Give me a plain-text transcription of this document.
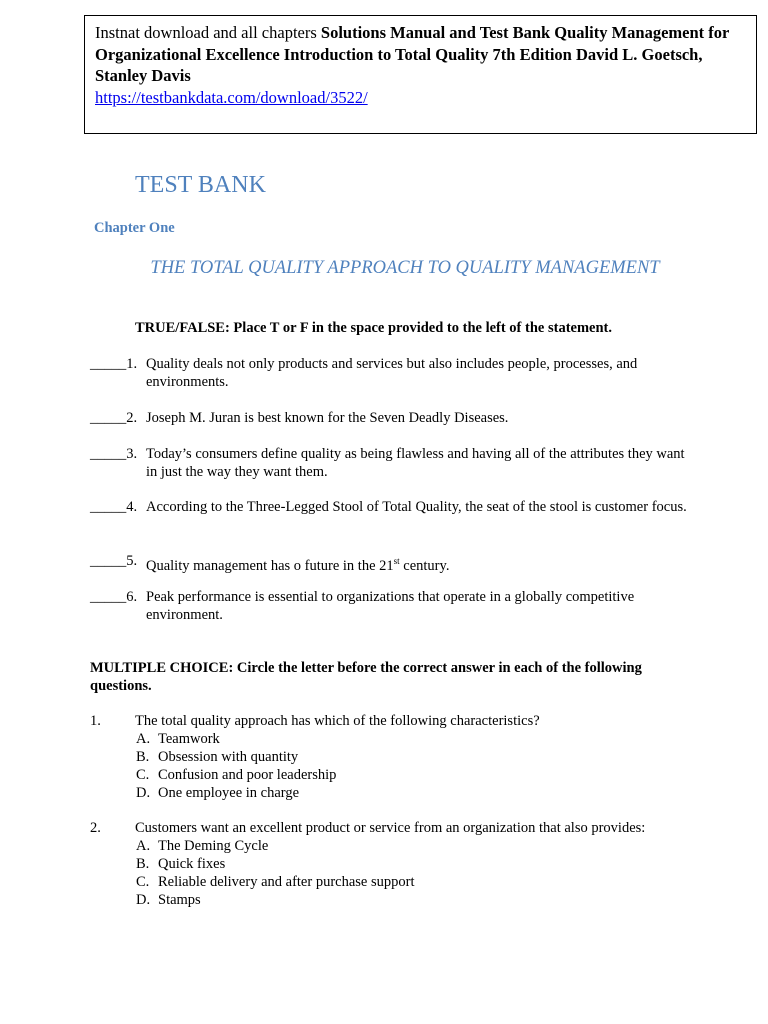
Instnat download and all chapters Solutions Manual and Test Bank Quality Management for Organizational Excellence Introduction to Total Quality 7th Edition David L. Goetsch, Stanley Davis
https://testbankdata.com/download/3522/
TEST BANK
Chapter One
THE TOTAL QUALITY APPROACH TO QUALITY MANAGEMENT
TRUE/FALSE: Place T or F in the space provided to the left of the statement.
_____1. Quality deals not only products and services but also includes people, processes, and environments.
_____2. Joseph M. Juran is best known for the Seven Deadly Diseases.
_____3. Today’s consumers define quality as being flawless and having all of the attributes they want in just the way they want them.
_____4. According to the Three-Legged Stool of Total Quality, the seat of the stool is customer focus.
_____5. Quality management has o future in the 21st century.
_____6. Peak performance is essential to organizations that operate in a globally competitive environment.
MULTIPLE CHOICE: Circle the letter before the correct answer in each of the following questions.
1. The total quality approach has which of the following characteristics?
A. Teamwork
B. Obsession with quantity
C. Confusion and poor leadership
D. One employee in charge
2. Customers want an excellent product or service from an organization that also provides:
A. The Deming Cycle
B. Quick fixes
C. Reliable delivery and after purchase support
D. Stamps
